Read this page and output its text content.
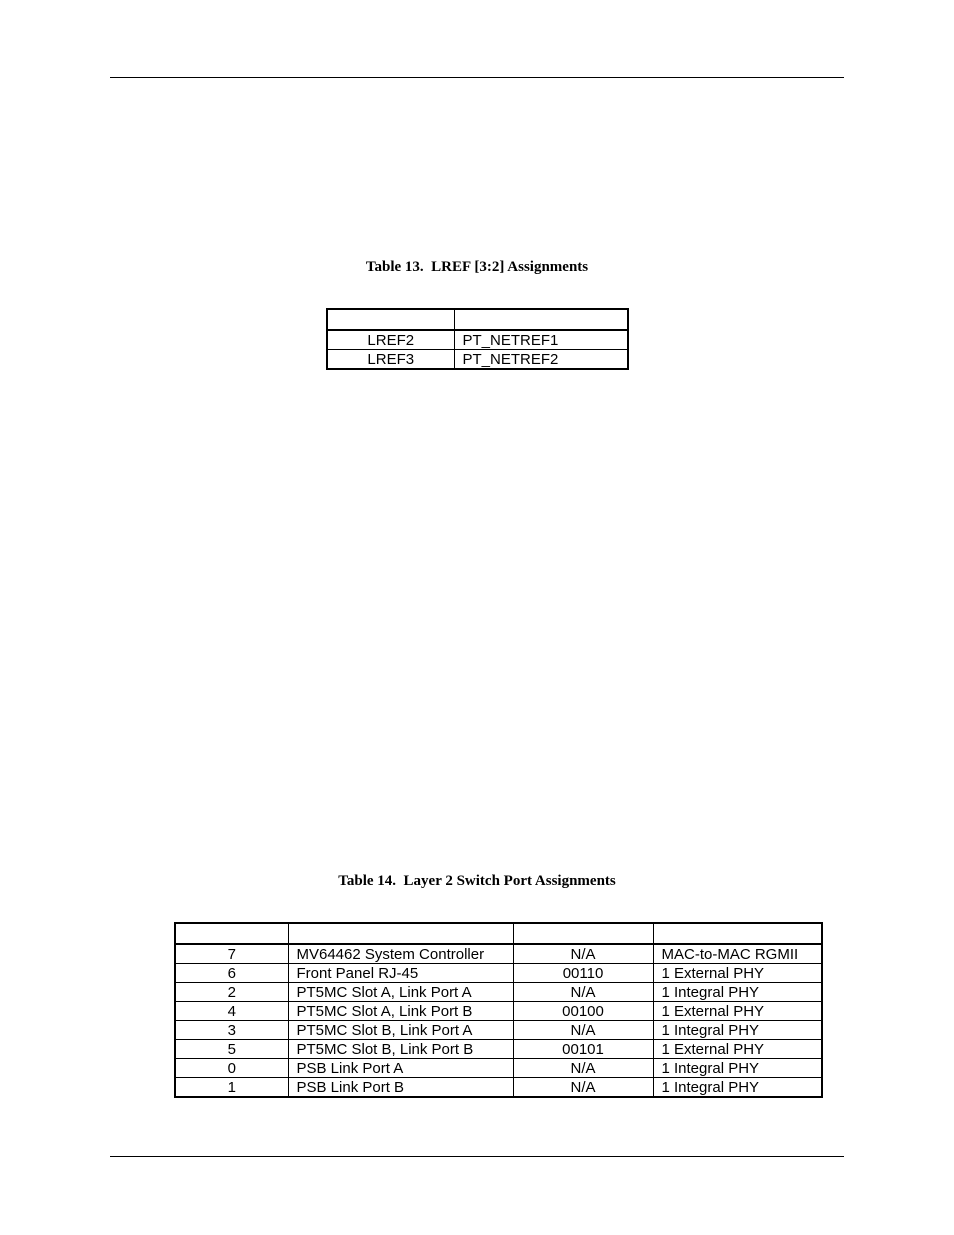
Table 13.  LREF [3:2] Assignments

LREF2	PT_NETREF1
LREF3	PT_NETREF2
Table 14.  Layer 2 Switch Port Assignments

7	MV64462 System Controller	N/A	MAC-to-MAC RGMII
6	Front Panel RJ-45	00110	1 External PHY
2	PT5MC Slot A, Link Port A	N/A	1 Integral PHY
4	PT5MC Slot A, Link Port B	00100	1 External PHY
3	PT5MC Slot B, Link Port A	N/A	1 Integral PHY
5	PT5MC Slot B, Link Port B	00101	1 External PHY
0	PSB Link Port A	N/A	1 Integral PHY
1	PSB Link Port B	N/A	1 Integral PHY
